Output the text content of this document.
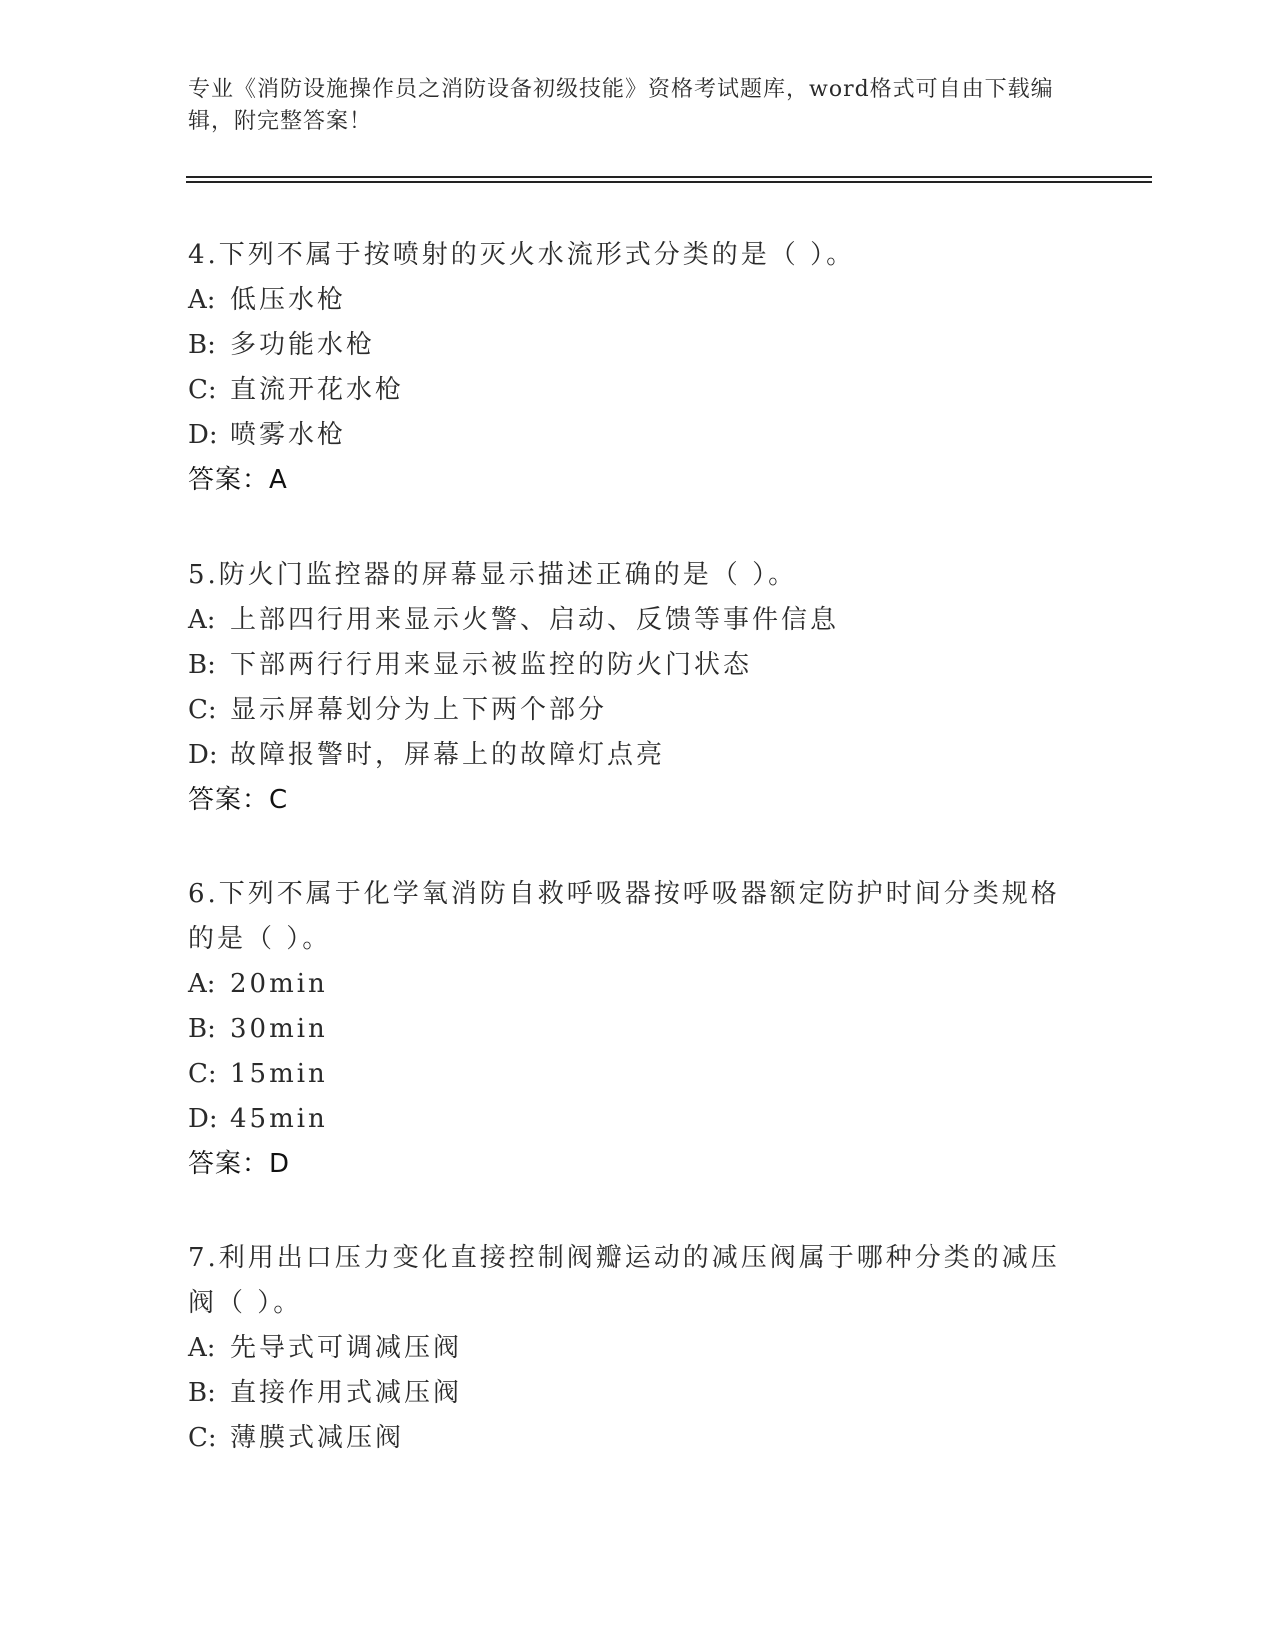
专业《消防设施操作员之消防设备初级技能》资格考试题库，word格式可自由下载编辑，附完整答案！
4.下列不属于按喷射的灭火水流形式分类的是（ ）。
A: 低压水枪
B: 多功能水枪
C: 直流开花水枪
D: 喷雾水枪
答案：A
5.防火门监控器的屏幕显示描述正确的是（ ）。
A: 上部四行用来显示火警、启动、反馈等事件信息
B: 下部两行行用来显示被监控的防火门状态
C: 显示屏幕划分为上下两个部分
D: 故障报警时，屏幕上的故障灯点亮
答案：C
6.下列不属于化学氧消防自救呼吸器按呼吸器额定防护时间分类规格的是（ ）。
A: 20min
B: 30min
C: 15min
D: 45min
答案：D
7.利用出口压力变化直接控制阀瓣运动的减压阀属于哪种分类的减压阀（ ）。
A: 先导式可调减压阀
B: 直接作用式减压阀
C: 薄膜式减压阀
